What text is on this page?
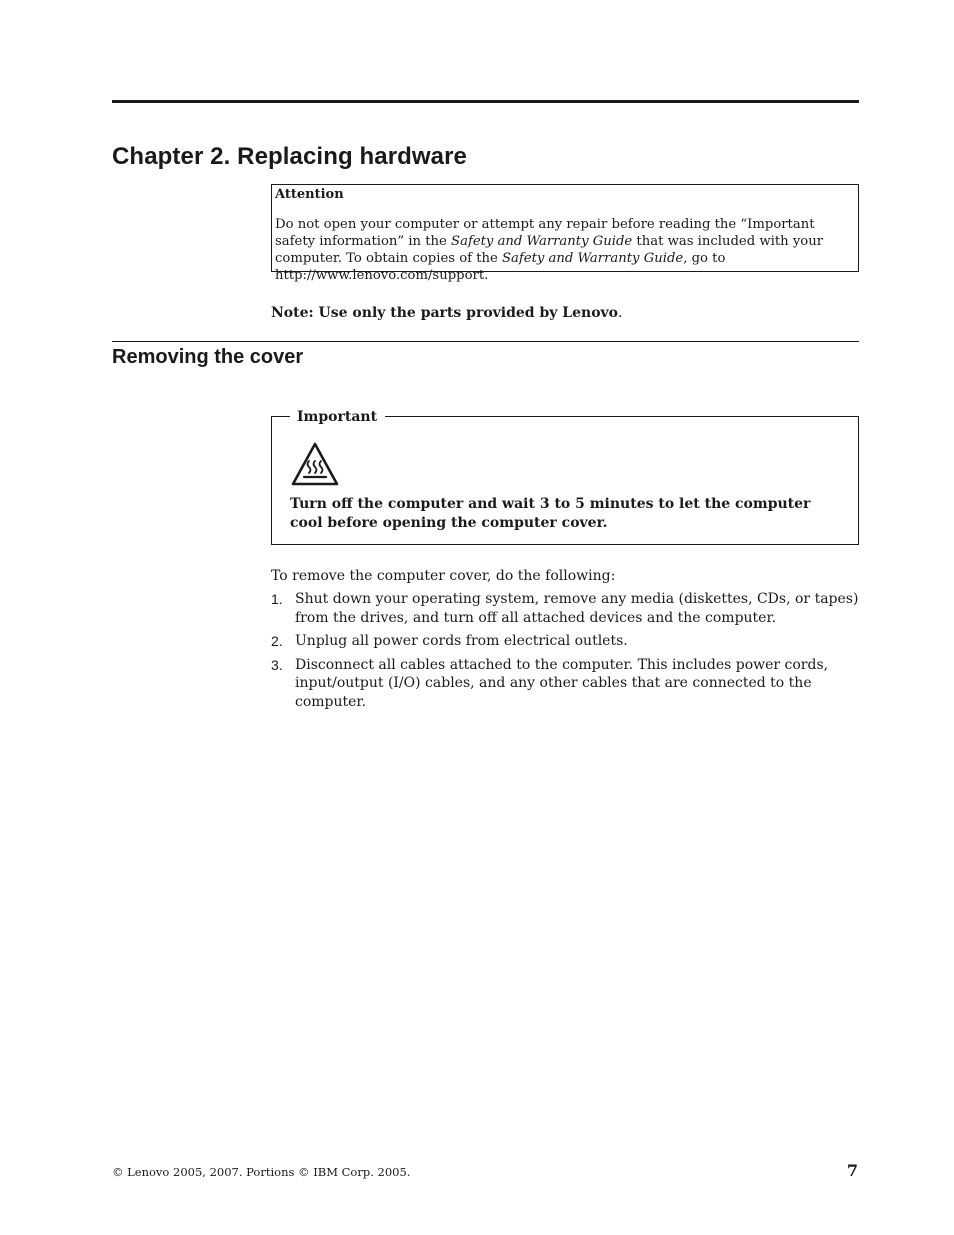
Chapter 2. Replacing hardware
Attention
Do not open your computer or attempt any repair before reading the “Important safety information” in the Safety and Warranty Guide that was included with your computer. To obtain copies of the Safety and Warranty Guide, go to http://www.lenovo.com/support.
Note: Use only the parts provided by Lenovo.
Removing the cover
Important
Turn off the computer and wait 3 to 5 minutes to let the computer cool before opening the computer cover.
To remove the computer cover, do the following:
1. Shut down your operating system, remove any media (diskettes, CDs, or tapes) from the drives, and turn off all attached devices and the computer.
2. Unplug all power cords from electrical outlets.
3. Disconnect all cables attached to the computer. This includes power cords, input/output (I/O) cables, and any other cables that are connected to the computer.
© Lenovo 2005, 2007. Portions © IBM Corp. 2005.	7
